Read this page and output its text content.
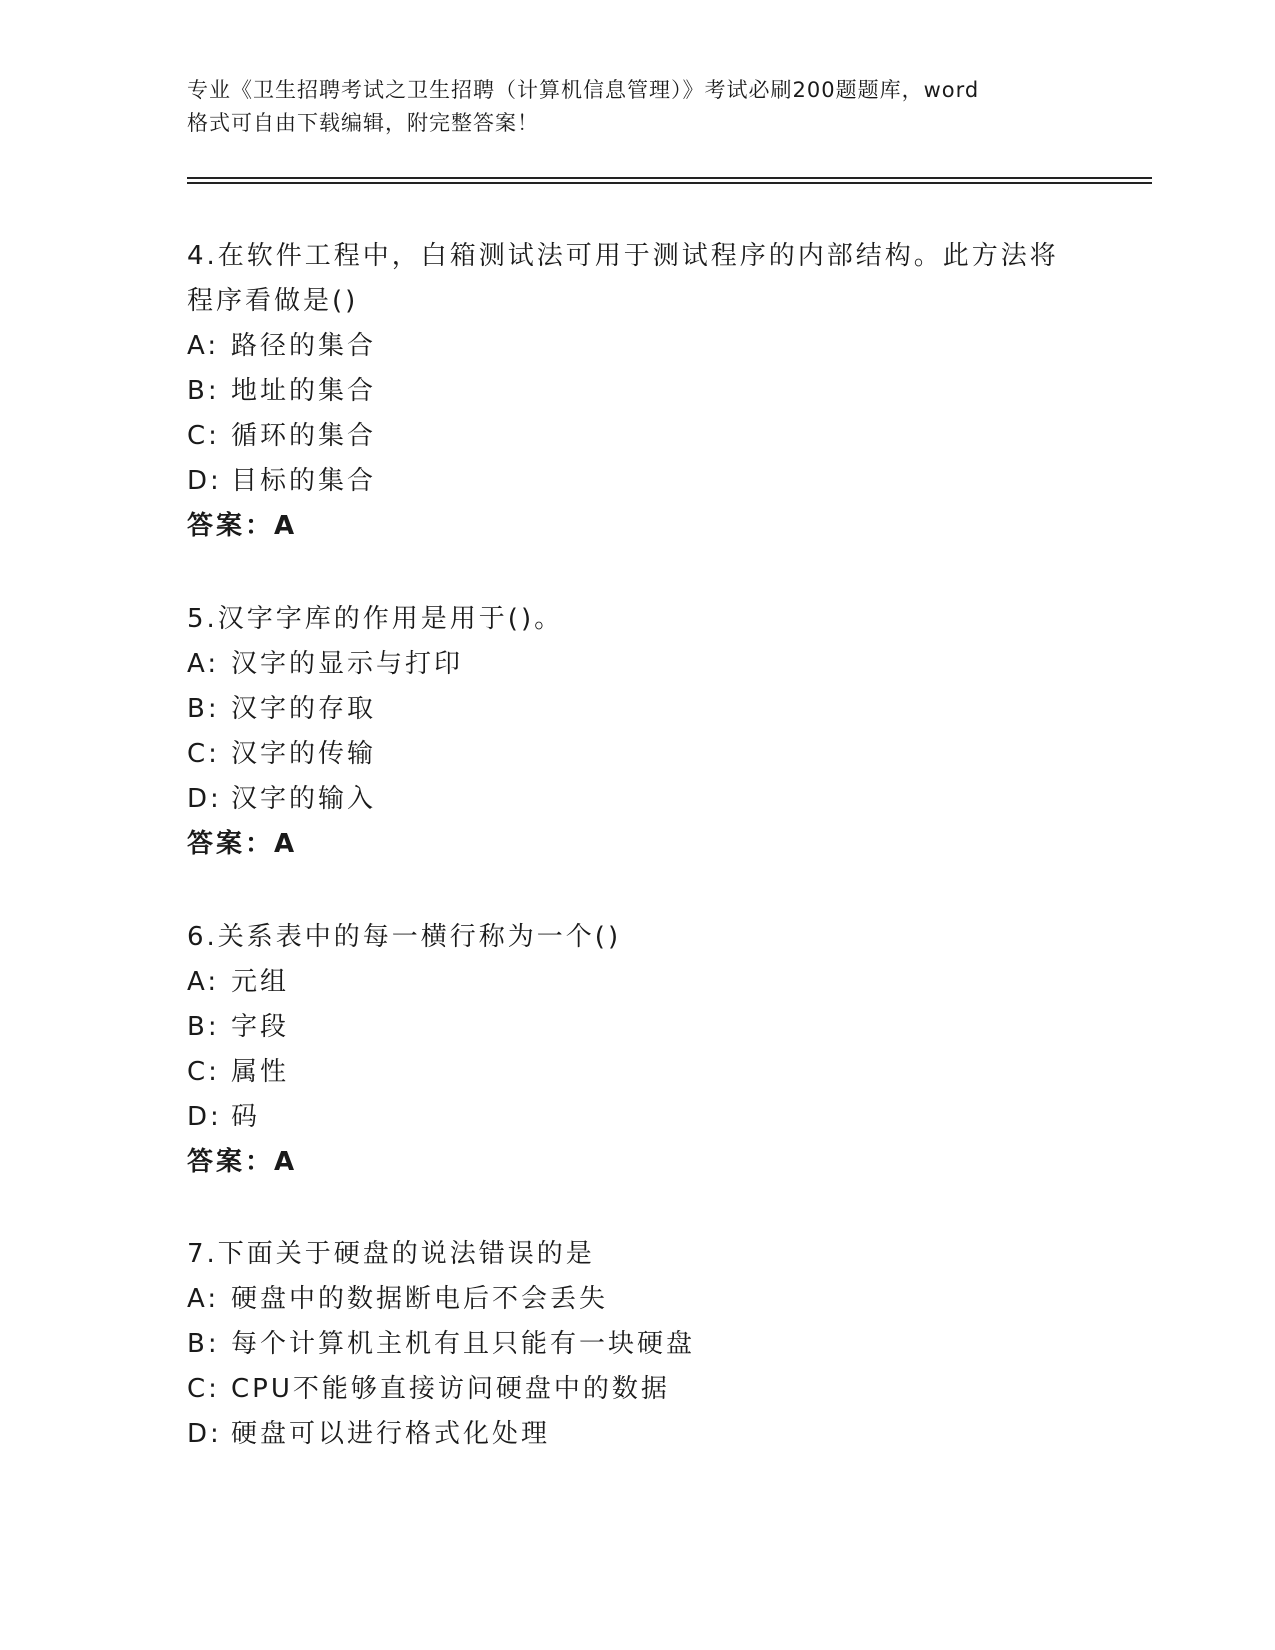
专业《卫生招聘考试之卫生招聘（计算机信息管理）》考试必刷200题题库，word
格式可自由下载编辑，附完整答案！
4.在软件工程中，白箱测试法可用于测试程序的内部结构。此方法将
程序看做是()
A: 路径的集合
B: 地址的集合
C: 循环的集合
D: 目标的集合
答案：A
5.汉字字库的作用是用于()。
A: 汉字的显示与打印
B: 汉字的存取
C: 汉字的传输
D: 汉字的输入
答案：A
6.关系表中的每一横行称为一个()
A: 元组
B: 字段
C: 属性
D: 码
答案：A
7.下面关于硬盘的说法错误的是
A: 硬盘中的数据断电后不会丢失
B: 每个计算机主机有且只能有一块硬盘
C: CPU不能够直接访问硬盘中的数据
D: 硬盘可以进行格式化处理
